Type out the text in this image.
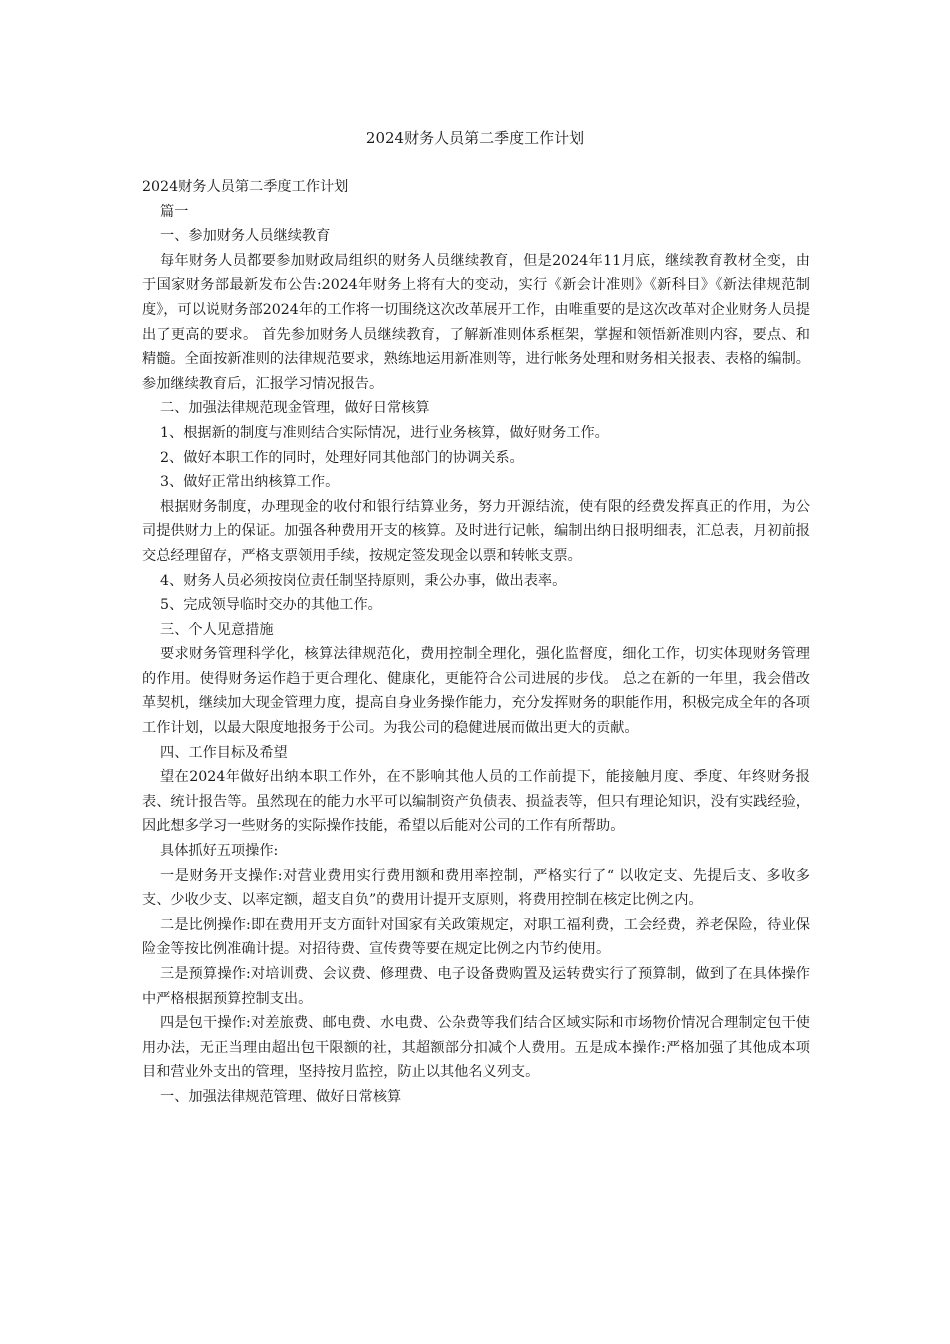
2024财务人员第二季度工作计划

2024财务人员第二季度工作计划

篇一

一、参加财务人员继续教育

每年财务人员都要参加财政局组织的财务人员继续教育，但是2024年11月底，继续教育教材全变，由于国家财务部最新发布公告:2024年财务上将有大的变动，实行《新会计准则》《新科目》《新法律规范制度》，可以说财务部2024年的工作将一切围绕这次改革展开工作，由唯重要的是这次改革对企业财务人员提出了更高的要求。 首先参加财务人员继续教育，了解新准则体系框架，掌握和领悟新准则内容，要点、和精髓。全面按新准则的法律规范要求，熟练地运用新准则等，进行帐务处理和财务相关报表、表格的编制。 参加继续教育后，汇报学习情况报告。

二、加强法律规范现金管理，做好日常核算

1、根据新的制度与准则结合实际情况，进行业务核算，做好财务工作。

2、做好本职工作的同时，处理好同其他部门的协调关系。

3、做好正常出纳核算工作。

根据财务制度，办理现金的收付和银行结算业务，努力开源结流，使有限的经费发挥真正的作用，为公司提供财力上的保证。加强各种费用开支的核算。及时进行记帐，编制出纳日报明细表，汇总表，月初前报交总经理留存，严格支票领用手续，按规定签发现金以票和转帐支票。

4、财务人员必须按岗位责任制坚持原则，秉公办事，做出表率。

5、完成领导临时交办的其他工作。

三、个人见意措施

要求财务管理科学化，核算法律规范化，费用控制全理化，强化监督度，细化工作，切实体现财务管理的作用。使得财务运作趋于更合理化、健康化，更能符合公司进展的步伐。 总之在新的一年里，我会借改革契机，继续加大现金管理力度，提高自身业务操作能力，充分发挥财务的职能作用，积极完成全年的各项工作计划，以最大限度地报务于公司。为我公司的稳健进展而做出更大的贡献。

四、工作目标及希望

望在2024年做好出纳本职工作外，在不影响其他人员的工作前提下，能接触月度、季度、年终财务报表、统计报告等。虽然现在的能力水平可以编制资产负债表、损益表等，但只有理论知识，没有实践经验，因此想多学习一些财务的实际操作技能，希望以后能对公司的工作有所帮助。

具体抓好五项操作:

一是财务开支操作:对营业费用实行费用额和费用率控制，严格实行了“ 以收定支、先提后支、多收多支、少收少支、以率定额，超支自负”的费用计提开支原则，将费用控制在核定比例之内。

二是比例操作:即在费用开支方面针对国家有关政策规定，对职工福利费，工会经费，养老保险，待业保险金等按比例准确计提。对招待费、宣传费等要在规定比例之内节约使用。

三是预算操作:对培训费、会议费、修理费、电子设备费购置及运转费实行了预算制，做到了在具体操作中严格根据预算控制支出。

四是包干操作:对差旅费、邮电费、水电费、公杂费等我们结合区域实际和市场物价情况合理制定包干使用办法，无正当理由超出包干限额的社，其超额部分扣减个人费用。五是成本操作:严格加强了其他成本项目和营业外支出的管理，坚持按月监控，防止以其他名义列支。

一、加强法律规范管理、做好日常核算
